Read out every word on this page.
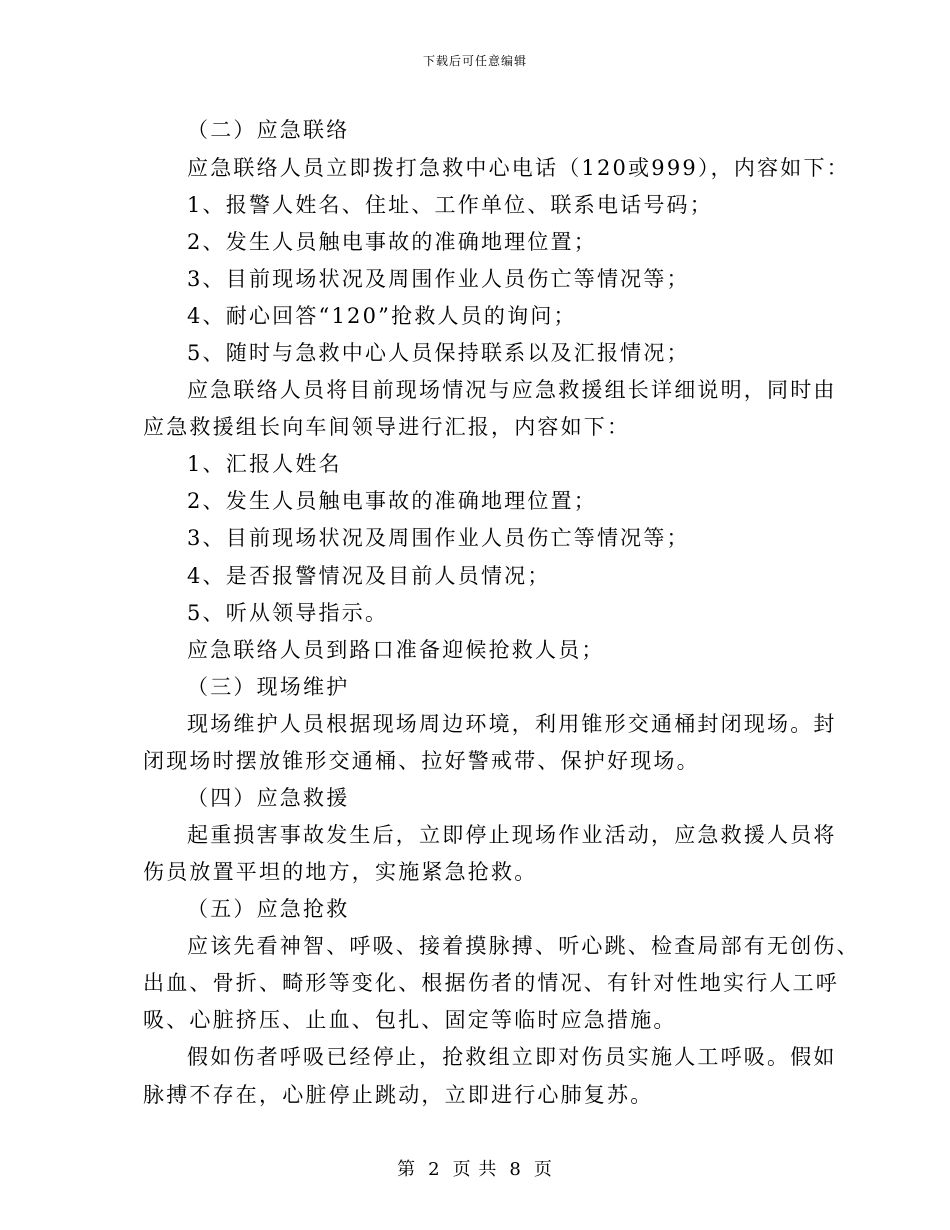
下载后可任意编辑
（二）应急联络
应急联络人员立即拨打急救中心电话（120或999），内容如下：
1、报警人姓名、住址、工作单位、联系电话号码；
2、发生人员触电事故的准确地理位置；
3、目前现场状况及周围作业人员伤亡等情况等；
4、耐心回答“120”抢救人员的询问；
5、随时与急救中心人员保持联系以及汇报情况；
应急联络人员将目前现场情况与应急救援组长详细说明，同时由
应急救援组长向车间领导进行汇报，内容如下：
1、汇报人姓名
2、发生人员触电事故的准确地理位置；
3、目前现场状况及周围作业人员伤亡等情况等；
4、是否报警情况及目前人员情况；
5、听从领导指示。
应急联络人员到路口准备迎候抢救人员；
（三）现场维护
现场维护人员根据现场周边环境，利用锥形交通桶封闭现场。封
闭现场时摆放锥形交通桶、拉好警戒带、保护好现场。
（四）应急救援
起重损害事故发生后，立即停止现场作业活动，应急救援人员将
伤员放置平坦的地方，实施紧急抢救。
（五）应急抢救
应该先看神智、呼吸、接着摸脉搏、听心跳、检查局部有无创伤、
出血、骨折、畸形等变化、根据伤者的情况、有针对性地实行人工呼
吸、心脏挤压、止血、包扎、固定等临时应急措施。
假如伤者呼吸已经停止，抢救组立即对伤员实施人工呼吸。假如
脉搏不存在，心脏停止跳动，立即进行心肺复苏。
第 2 页 共 8 页
